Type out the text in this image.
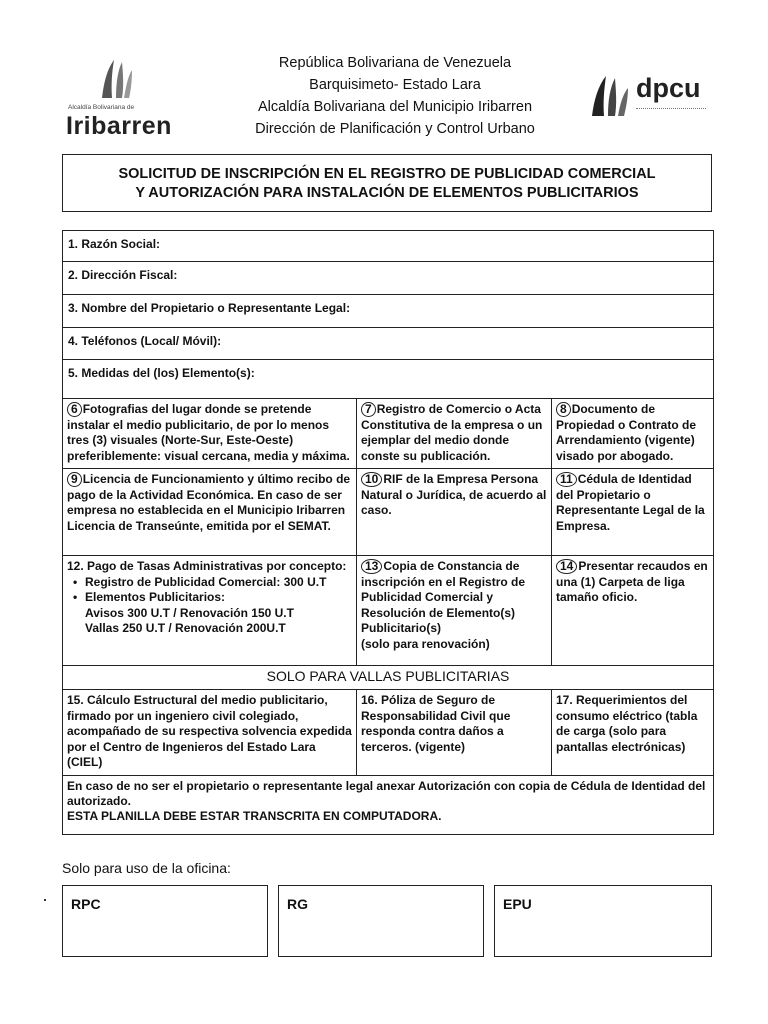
Alcaldía Bolivariana de
Iribarren
República Bolivariana de Venezuela
Barquisimeto- Estado Lara
Alcaldía Bolivariana del Municipio Iribarren
Dirección de Planificación y Control Urbano
dpcu
SOLICITUD DE INSCRIPCIÓN EN EL REGISTRO DE PUBLICIDAD COMERCIAL
Y AUTORIZACIÓN PARA INSTALACIÓN DE ELEMENTOS PUBLICITARIOS
1. Razón Social:
2. Dirección Fiscal:
3. Nombre del Propietario o Representante Legal:
4. Teléfonos (Local/ Móvil):
5. Medidas del (los) Elemento(s):
6 Fotografias del lugar donde se pretende instalar el medio publicitario, de por lo menos tres (3) visuales (Norte-Sur, Este-Oeste) preferiblemente: visual cercana, media y máxima.
7 Registro de Comercio o Acta Constitutiva de la empresa o un ejemplar del medio donde conste su publicación.
8 Documento de Propiedad o Contrato de Arrendamiento (vigente) visado por abogado.
9 Licencia de Funcionamiento y último recibo de pago de la Actividad Económica. En caso de ser empresa no establecida en el Municipio Iribarren Licencia de Transeúnte, emitida por el SEMAT.
10 RIF de la Empresa Persona Natural o Jurídica, de acuerdo al caso.
11 Cédula de Identidad del Propietario o Representante Legal de la Empresa.
12. Pago de Tasas Administrativas por concepto:
• Registro de Publicidad Comercial: 300 U.T
• Elementos Publicitarios:
Avisos 300 U.T / Renovación 150 U.T
Vallas 250 U.T / Renovación 200U.T
13 Copia de Constancia de inscripción en el Registro de Publicidad Comercial y Resolución de Elemento(s) Publicitario(s)
(solo para renovación)
14 Presentar recaudos en una (1) Carpeta de liga tamaño oficio.
SOLO PARA VALLAS PUBLICITARIAS
15. Cálculo Estructural del medio publicitario, firmado por un ingeniero civil colegiado, acompañado de su respectiva solvencia expedida por el Centro de Ingenieros del Estado Lara (CIEL)
16. Póliza de Seguro de Responsabilidad Civil que responda contra daños a terceros. (vigente)
17. Requerimientos del consumo eléctrico (tabla de carga (solo para pantallas electrónicas)
En caso de no ser el propietario o representante legal anexar Autorización con copia de Cédula de Identidad del autorizado.
ESTA PLANILLA DEBE ESTAR TRANSCRITA EN COMPUTADORA.
Solo para uso de la oficina:
RPC	RG	EPU
